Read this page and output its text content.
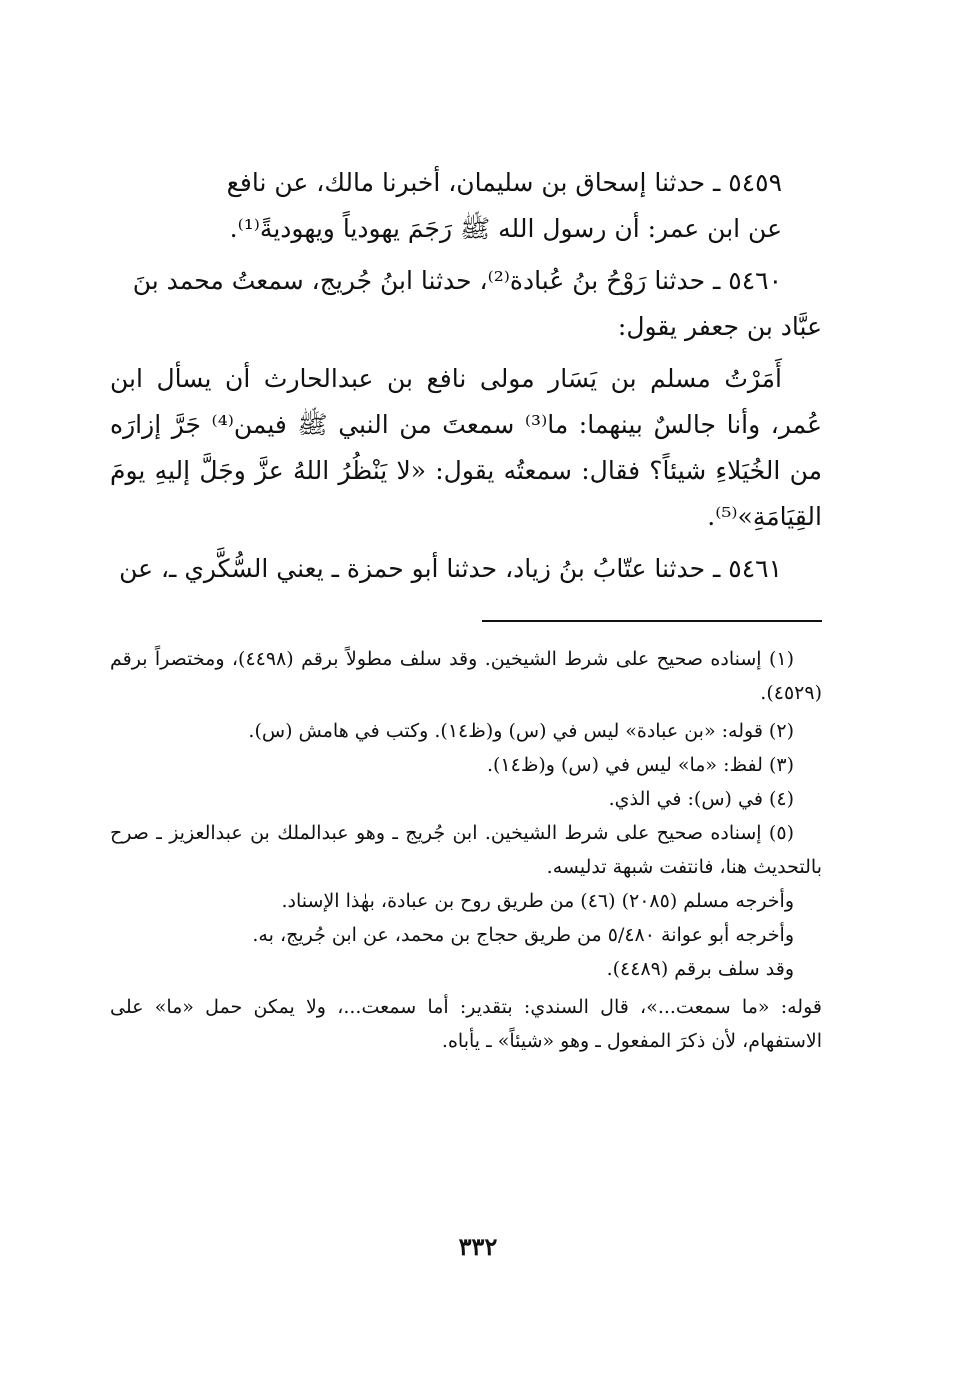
٥٤٥٩ ـ حدثنا إسحاق بن سليمان، أخبرنا مالك، عن نافع

عن ابن عمر: أن رسول الله ﷺ رَجَمَ يهودياً ويهوديةً⁽¹⁾.

٥٤٦٠ ـ حدثنا رَوْحُ بنُ عُبادة⁽²⁾، حدثنا ابنُ جُريج، سمعتُ محمد بنَ

عبَّاد بن جعفر يقول:

أَمَرْتُ مسلم بن يَسَار مولى نافع بن عبدالحارث أن يسأل ابن عُمر، وأنا جالسٌ بينهما: ما⁽³⁾ سمعتَ من النبي ﷺ فيمن⁽⁴⁾ جَرَّ إزارَه من الخُيَلاءِ شيئاً؟ فقال: سمعتُه يقول: «لا يَنْظُرُ اللهُ عزَّ وجَلَّ إليهِ يومَ القِيَامَةِ»⁽⁵⁾.

٥٤٦١ ـ حدثنا عتّابُ بنُ زياد، حدثنا أبو حمزة ـ يعني السُّكَّري ـ، عن

(١) إسناده صحيح على شرط الشيخين. وقد سلف مطولاً برقم (٤٤٩٨)، ومختصراً برقم (٤٥٢٩).

(٢) قوله: «بن عبادة» ليس في (س) و(ظ١٤). وكتب في هامش (س).

(٣) لفظ: «ما» ليس في (س) و(ظ١٤).

(٤) في (س): في الذي.

(٥) إسناده صحيح على شرط الشيخين. ابن جُريج ـ وهو عبدالملك بن عبدالعزيز ـ صرح بالتحديث هنا، فانتفت شبهة تدليسه.

وأخرجه مسلم (٢٠٨٥) (٤٦) من طريق روح بن عبادة، بهٰذا الإسناد.

وأخرجه أبو عوانة ٥/٤٨٠ من طريق حجاج بن محمد، عن ابن جُريج، به.

وقد سلف برقم (٤٤٨٩).

قوله: «ما سمعت...»، قال السندي: بتقدير: أما سمعت...، ولا يمكن حمل «ما» على الاستفهام، لأن ذكرَ المفعول ـ وهو «شيئاً» ـ يأباه.

٣٣٢
